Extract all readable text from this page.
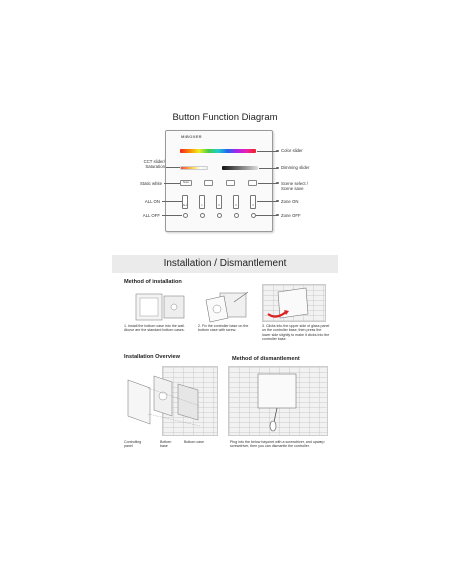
Button Function Diagram
MiBOXER
Static
ALL	1	2	3	4
CCT slider/ Saturation
Static white
ALL ON
ALL OFF
Color slider
Dimming slider
Scene select / Scene save
Zone ON
Zone OFF
Installation / Dismantlement
Method of installation
1. Install the bottom case into the wall. Above are the standard bottom cases.
2. Fix the controller base on the bottom case with screw.
3. Clicks into the upper side of glass panel on the controller base, then press the lower side slightly to make it clicks into the controller base.
Installation Overview
Controlling panel
Bottom base
Bottom case
Method of dismantlement
Plug into the below bayonet with a screwdriver, and upwarp screwdriver, then you can dismantle the controller.
